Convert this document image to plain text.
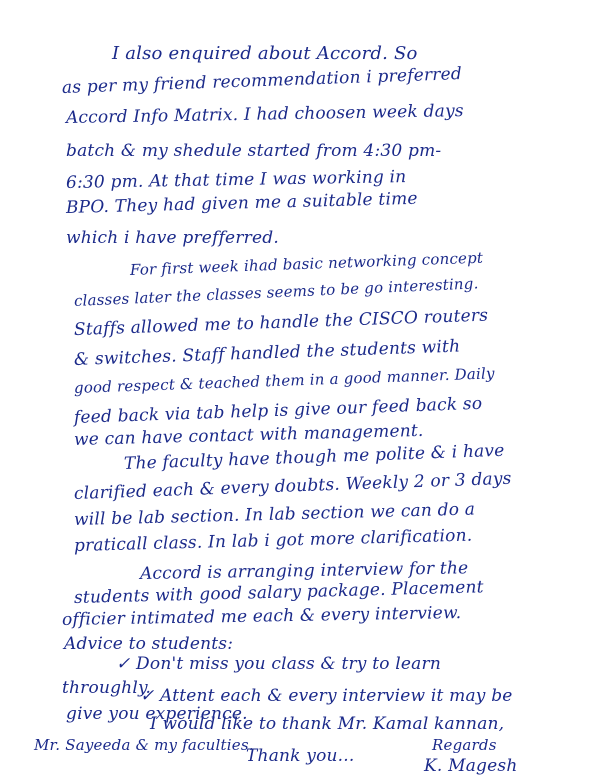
I also enquired about Accord. So
as per my friend recommendation i preferred
Accord Info Matrix. I had choosen week days
batch & my shedule started from 4:30 pm-
6:30 pm. At that time I was working in
BPO. They had given me a suitable time
which i have prefferred.
For first week ihad basic networking concept
classes later the classes seems to be go interesting.
Staffs allowed me to handle the CISCO routers
& switches. Staff handled the students with
good respect & teached them in a good manner. Daily
feed back via tab help is give our feed back so
we can have contact with management.
The faculty have though me polite & i have
clarified each & every doubts. Weekly 2 or 3 days
will be lab section. In lab section we can do a
praticall class. In lab i got more clarification.
Accord is arranging interview for the
students with good salary package. Placement
officier intimated me each & every interview.
Advice to students:
✓ Don't miss you class & try to learn
throughly.
✓ Attent each & every interview it may be
give you experience.
I would like to thank Mr. Kamal kannan,
Mr. Sayeeda & my faculties.
Thank you...
Regards
K. Magesh
